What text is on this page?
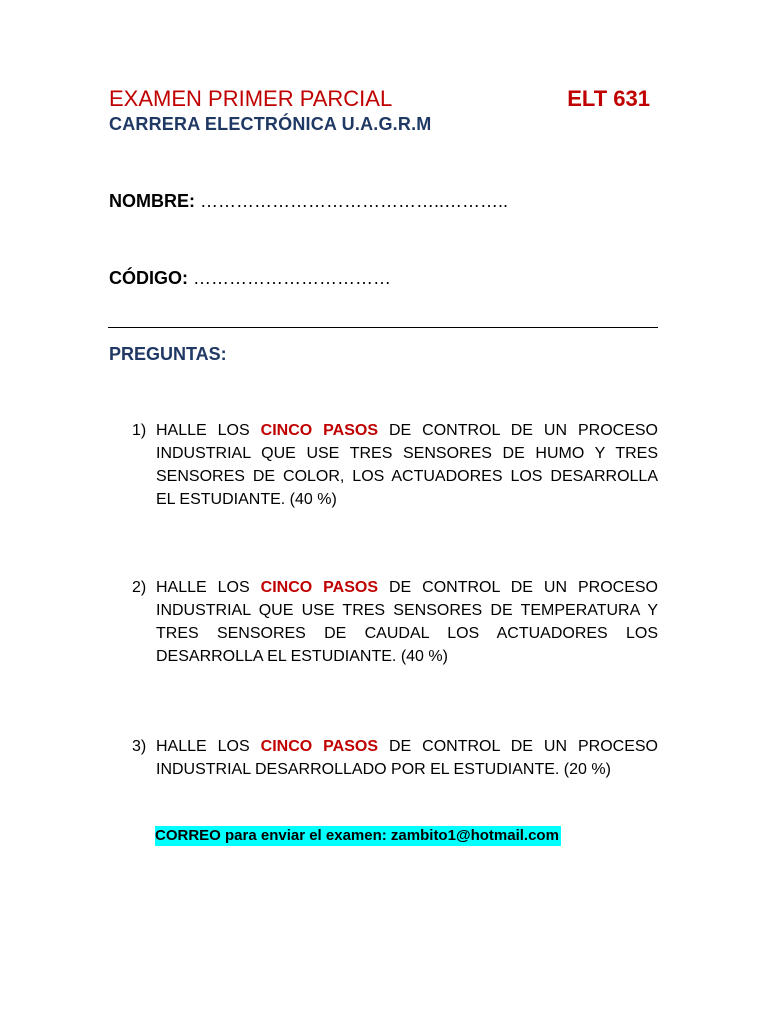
EXAMEN PRIMER PARCIAL	ELT 631
CARRERA ELECTRÓNICA U.A.G.R.M
NOMBRE: …………………………………..………..
CÓDIGO: ……………………………
PREGUNTAS:
1) HALLE LOS CINCO PASOS DE CONTROL DE UN PROCESO INDUSTRIAL QUE USE TRES SENSORES DE HUMO Y TRES SENSORES DE COLOR, LOS ACTUADORES LOS DESARROLLA EL ESTUDIANTE. (40 %)
2) HALLE LOS CINCO PASOS DE CONTROL DE UN PROCESO INDUSTRIAL QUE USE TRES SENSORES DE TEMPERATURA Y TRES SENSORES DE CAUDAL LOS ACTUADORES LOS DESARROLLA EL ESTUDIANTE. (40 %)
3) HALLE LOS CINCO PASOS DE CONTROL DE UN PROCESO INDUSTRIAL DESARROLLADO POR EL ESTUDIANTE. (20 %)
CORREO para enviar el examen: zambito1@hotmail.com
